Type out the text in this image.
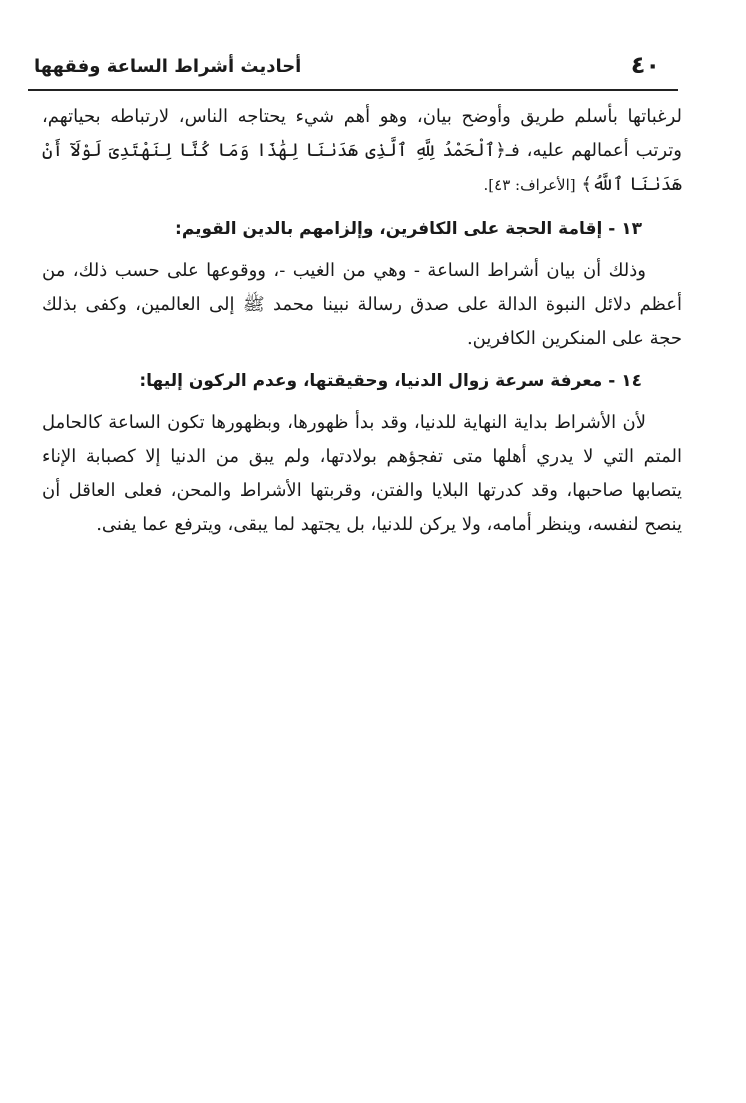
٤٠
أحاديث أشراط الساعة وفقهها

لرغباتها بأسلم طريق وأوضح بيان، وهو أهم شيء يحتاجه الناس، لارتباطه بحياتهم، وترتب أعمالهم عليه، فـ﴿ٱلْحَمْدُ لِلَّهِ ٱلَّذِى هَدَىٰنَا لِهَٰذَا وَمَا كُنَّا لِنَهْتَدِىَ لَوْلَآ أَنْ هَدَىٰنَا ٱللَّهُ﴾ [الأعراف: ٤٣].

١٣ - إقامة الحجة على الكافرين، وإلزامهم بالدين القويم:

وذلك أن بيان أشراط الساعة - وهي من الغيب -، ووقوعها على حسب ذلك، من أعظم دلائل النبوة الدالة على صدق رسالة نبينا محمد ﷺ إلى العالمين، وكفى بذلك حجة على المنكرين الكافرين.

١٤ - معرفة سرعة زوال الدنيا، وحقيقتها، وعدم الركون إليها:

لأن الأشراط بداية النهاية للدنيا، وقد بدأ ظهورها، وبظهورها تكون الساعة كالحامل المتم التي لا يدري أهلها متى تفجؤهم بولادتها، ولم يبق من الدنيا إلا كصبابة الإناء يتصابها صاحبها، وقد كدرتها البلايا والفتن، وقربتها الأشراط والمحن، فعلى العاقل أن ينصح لنفسه، وينظر أمامه، ولا يركن للدنيا، بل يجتهد لما يبقى، ويترفع عما يفنى.
